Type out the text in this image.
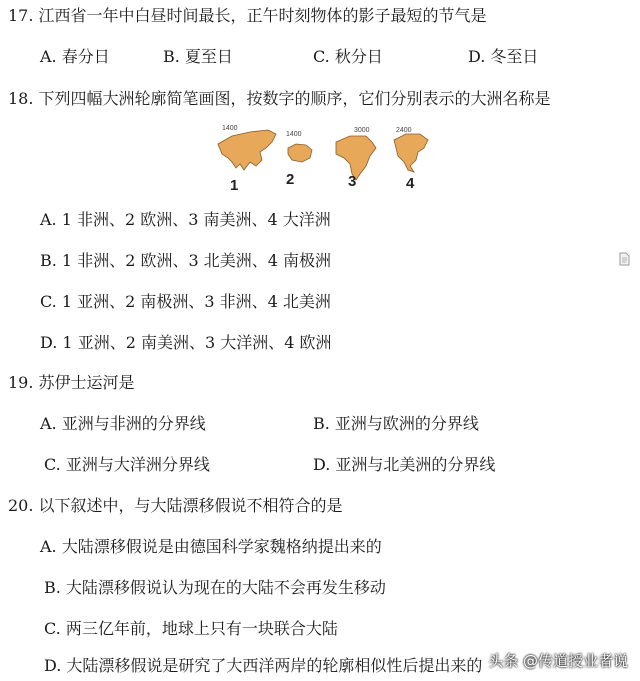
17. 江西省一年中白昼时间最长，正午时刻物体的影子最短的节气是
A. 春分日	B. 夏至日	C. 秋分日	D. 冬至日
18. 下列四幅大洲轮廓简笔画图，按数字的顺序，它们分别表示的大洲名称是
1400
1
1400
2
3000
3
2400
4
A. 1 非洲、2 欧洲、3 南美洲、4 大洋洲
B. 1 非洲、2 欧洲、3 北美洲、4 南极洲
C. 1 亚洲、2 南极洲、3 非洲、4 北美洲
D. 1 亚洲、2 南美洲、3 大洋洲、4 欧洲
19. 苏伊士运河是
A. 亚洲与非洲的分界线	B. 亚洲与欧洲的分界线
C. 亚洲与大洋洲分界线	D. 亚洲与北美洲的分界线
20. 以下叙述中，与大陆漂移假说不相符合的是
A. 大陆漂移假说是由德国科学家魏格纳提出来的
B. 大陆漂移假说认为现在的大陆不会再发生移动
C. 两三亿年前，地球上只有一块联合大陆
D. 大陆漂移假说是研究了大西洋两岸的轮廓相似性后提出来的 头条 @传道授业者说
